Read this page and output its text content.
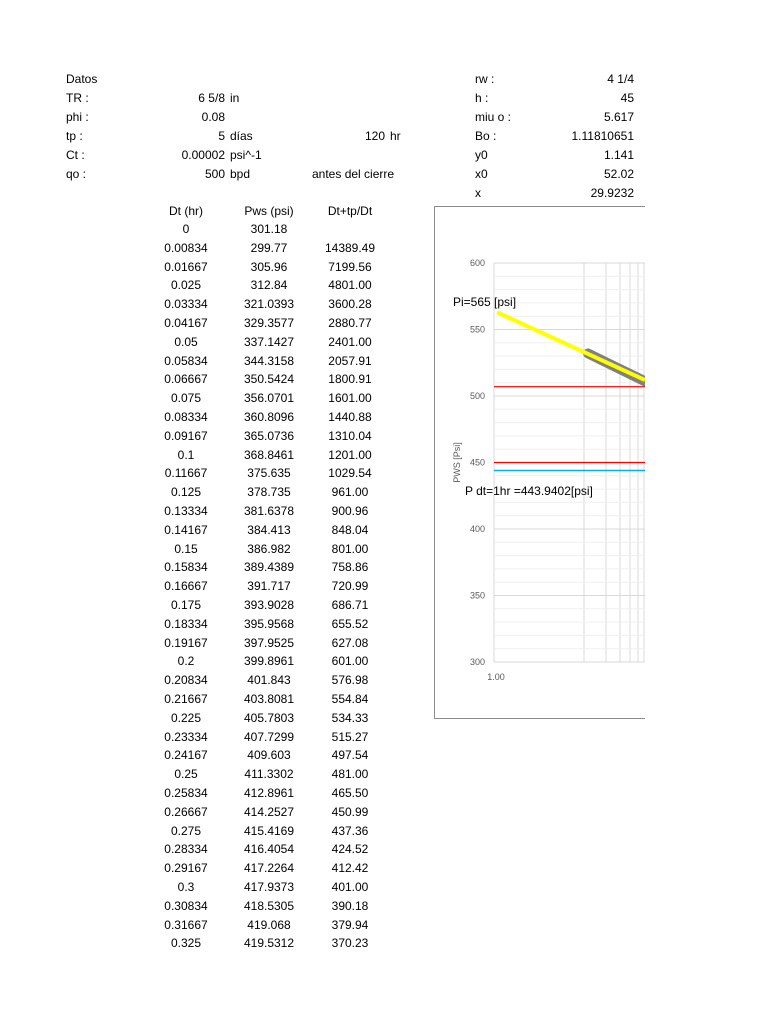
Datos
TR :	6 5/8 in
phi :	0.08
tp :	5 días	120 hr
Ct :	0.00002 psi^-1
qo :	500 bpd	antes del cierre
rw :	4 1/4
h :	45
miu o :	5.617
Bo :	1.11810651
y0	1.141
x0	52.02
x	29.9232
Dt (hr)	Pws (psi)	Dt+tp/Dt
0	301.18
0.00834	299.77	14389.49
0.01667	305.96	7199.56
0.025	312.84	4801.00
0.03334	321.0393	3600.28
0.04167	329.3577	2880.77
0.05	337.1427	2401.00
0.05834	344.3158	2057.91
0.06667	350.5424	1800.91
0.075	356.0701	1601.00
0.08334	360.8096	1440.88
0.09167	365.0736	1310.04
0.1	368.8461	1201.00
0.11667	375.635	1029.54
0.125	378.735	961.00
0.13334	381.6378	900.96
0.14167	384.413	848.04
0.15	386.982	801.00
0.15834	389.4389	758.86
0.16667	391.717	720.99
0.175	393.9028	686.71
0.18334	395.9568	655.52
0.19167	397.9525	627.08
0.2	399.8961	601.00
0.20834	401.843	576.98
0.21667	403.8081	554.84
0.225	405.7803	534.33
0.23334	407.7299	515.27
0.24167	409.603	497.54
0.25	411.3302	481.00
0.25834	412.8961	465.50
0.26667	414.2527	450.99
0.275	415.4169	437.36
0.28334	416.4054	424.52
0.29167	417.2264	412.42
0.3	417.9373	401.00
0.30834	418.5305	390.18
0.31667	419.068	379.94
0.325	419.5312	370.23
600
550
500
450
400
350
300
1.00
PWS [Psi]
Pi=565 [psi]
P dt=1hr =443.9402[psi]
